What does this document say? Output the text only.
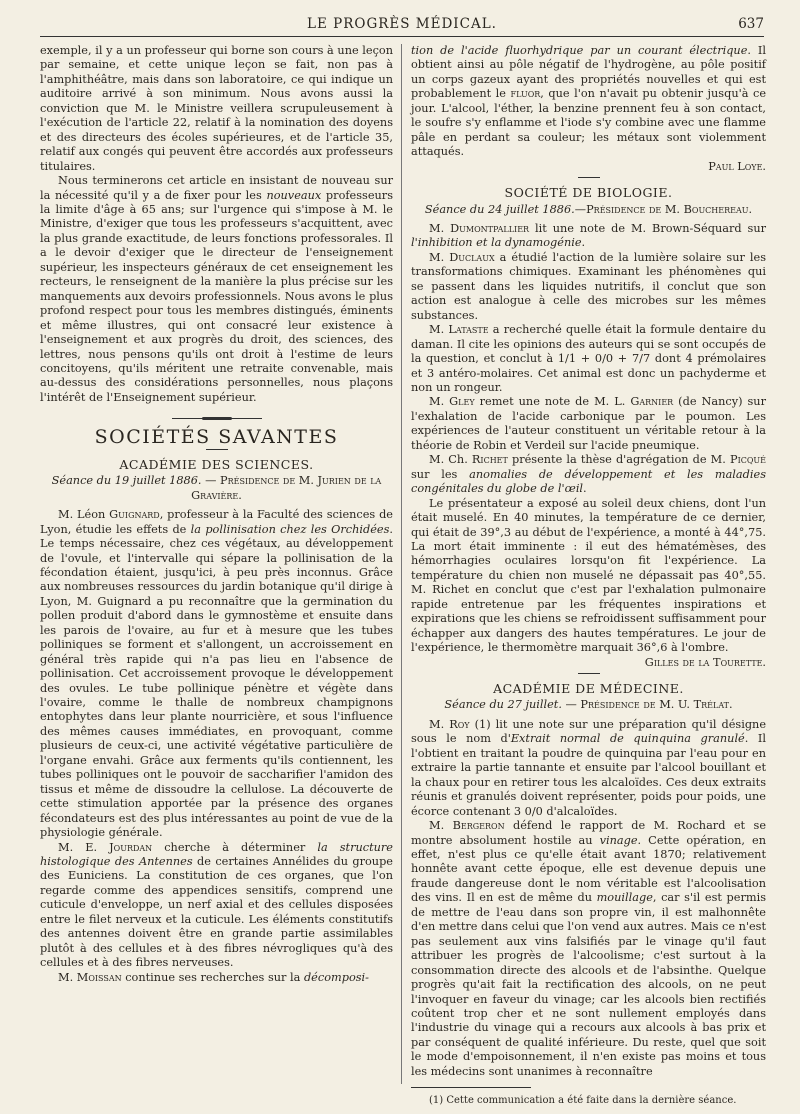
LE PROGRÈS MÉDICAL.	637

exemple, il y a un professeur qui borne son cours à une leçon par semaine, et cette unique leçon se fait, non pas à l'amphithéâtre, mais dans son laboratoire, ce qui indique un auditoire arrivé à son minimum. Nous avons aussi la conviction que M. le Ministre veillera scrupuleusement à l'exécution de l'article 22, relatif à la nomination des doyens et des directeurs des écoles supérieures, et de l'article 35, relatif aux congés qui peuvent être accordés aux professeurs titulaires.

Nous terminerons cet article en insistant de nouveau sur la nécessité qu'il y a de fixer pour les nouveaux professeurs la limite d'âge à 65 ans; sur l'urgence qui s'impose à M. le Ministre, d'exiger que tous les professeurs s'acquittent, avec la plus grande exactitude, de leurs fonctions professorales. Il a le devoir d'exiger que le directeur de l'enseignement supérieur, les inspecteurs généraux de cet enseignement les recteurs, le renseignent de la manière la plus précise sur les manquements aux devoirs professionnels. Nous avons le plus profond respect pour tous les membres distingués, éminents et même illustres, qui ont consacré leur existence à l'enseignement et aux progrès du droit, des sciences, des lettres, nous pensons qu'ils ont droit à l'estime de leurs concitoyens, qu'ils méritent une retraite convenable, mais au-dessus des considérations personnelles, nous plaçons l'intérêt de l'Enseignement supérieur.

SOCIÉTÉS SAVANTES
ACADÉMIE DES SCIENCES.
Séance du 19 juillet 1886. — Présidence de M. Jurien de la Gravière.

M. Léon Guignard, professeur à la Faculté des sciences de Lyon, étudie les effets de la pollinisation chez les Orchidées. Le temps nécessaire, chez ces végétaux, au développement de l'ovule, et l'intervalle qui sépare la pollinisation de la fécondation étaient, jusqu'ici, à peu près inconnus. Grâce aux nombreuses ressources du jardin botanique qu'il dirige à Lyon, M. Guignard a pu reconnaître que la germination du pollen produit d'abord dans le gymnostème et ensuite dans les parois de l'ovaire, au fur et à mesure que les tubes polliniques se forment et s'allongent, un accroissement en général très rapide qui n'a pas lieu en l'absence de pollinisation. Cet accroissement provoque le développement des ovules. Le tube pollinique pénètre et végète dans l'ovaire, comme le thalle de nombreux champignons entophytes dans leur plante nourricière, et sous l'influence des mêmes causes immédiates, en provoquant, comme plusieurs de ceux-ci, une activité végétative particulière de l'organe envahi. Grâce aux ferments qu'ils contiennent, les tubes polliniques ont le pouvoir de saccharifier l'amidon des tissus et même de dissoudre la cellulose. La découverte de cette stimulation apportée par la présence des organes fécondateurs est des plus intéressantes au point de vue de la physiologie générale.

M. E. Jourdan cherche à déterminer la structure histologique des Antennes de certaines Annélides du groupe des Euniciens. La constitution de ces organes, que l'on regarde comme des appendices sensitifs, comprend une cuticule d'enveloppe, un nerf axial et des cellules disposées entre le filet nerveux et la cuticule. Les éléments constitutifs des antennes doivent être en grande partie assimilables plutôt à des cellules et à des fibres névrogliques qu'à des cellules et à des fibres nerveuses.

M. Moissan continue ses recherches sur la décomposi-

tion de l'acide fluorhydrique par un courant électrique. Il obtient ainsi au pôle négatif de l'hydrogène, au pôle positif un corps gazeux ayant des propriétés nouvelles et qui est probablement le fluor, que l'on n'avait pu obtenir jusqu'à ce jour. L'alcool, l'éther, la benzine prennent feu à son contact, le soufre s'y enflamme et l'iode s'y combine avec une flamme pâle en perdant sa couleur; les métaux sont violemment attaqués.

Paul Loye.
SOCIÉTÉ DE BIOLOGIE.
Séance du 24 juillet 1886.—Présidence de M. Bouchereau.

M. Dumontpallier lit une note de M. Brown-Séquard sur l'inhibition et la dynamogénie.

M. Duclaux a étudié l'action de la lumière solaire sur les transformations chimiques. Examinant les phénomènes qui se passent dans les liquides nutritifs, il conclut que son action est analogue à celle des microbes sur les mêmes substances.

M. Lataste a recherché quelle était la formule dentaire du daman. Il cite les opinions des auteurs qui se sont occupés de la question, et conclut à 1/1 + 0/0 + 7/7 dont 4 prémolaires et 3 antéro-molaires. Cet animal est donc un pachyderme et non un rongeur.

M. Gley remet une note de M. L. Garnier (de Nancy) sur l'exhalation de l'acide carbonique par le poumon. Les expériences de l'auteur constituent un véritable retour à la théorie de Robin et Verdeil sur l'acide pneumique.

M. Ch. Richet présente la thèse d'agrégation de M. Picqué sur les anomalies de développement et les maladies congénitales du globe de l'œil.

Le présentateur a exposé au soleil deux chiens, dont l'un était muselé. En 40 minutes, la température de ce dernier, qui était de 39°,3 au début de l'expérience, a monté à 44°,75. La mort était imminente : il eut des hématémèses, des hémorrhagies oculaires lorsqu'on fit l'expérience. La température du chien non muselé ne dépassait pas 40°,55. M. Richet en conclut que c'est par l'exhalation pulmonaire rapide entretenue par les fréquentes inspirations et expirations que les chiens se refroidissent suffisamment pour échapper aux dangers des hautes températures. Le jour de l'expérience, le thermomètre marquait 36°,6 à l'ombre.

Gilles de la Tourette.
ACADÉMIE DE MÉDECINE.
Séance du 27 juillet. — Présidence de M. U. Trélat.

M. Roy (1) lit une note sur une préparation qu'il désigne sous le nom d'Extrait normal de quinquina granulé. Il l'obtient en traitant la poudre de quinquina par l'eau pour en extraire la partie tannante et ensuite par l'alcool bouillant et la chaux pour en retirer tous les alcaloïdes. Ces deux extraits réunis et granulés doivent représenter, poids pour poids, une écorce contenant 3 0/0 d'alcaloïdes.

M. Bergeron défend le rapport de M. Rochard et se montre absolument hostile au vinage. Cette opération, en effet, n'est plus ce qu'elle était avant 1870; relativement honnête avant cette époque, elle est devenue depuis une fraude dangereuse dont le nom véritable est l'alcoolisation des vins. Il en est de même du mouillage, car s'il est permis de mettre de l'eau dans son propre vin, il est malhonnête d'en mettre dans celui que l'on vend aux autres. Mais ce n'est pas seulement aux vins falsifiés par le vinage qu'il faut attribuer les progrès de l'alcoolisme; c'est surtout à la consommation directe des alcools et de l'absinthe. Quelque progrès qu'ait fait la rectification des alcools, on ne peut l'invoquer en faveur du vinage; car les alcools bien rectifiés coûtent trop cher et ne sont nullement employés dans l'industrie du vinage qui a recours aux alcools à bas prix et par conséquent de qualité inférieure. Du reste, quel que soit le mode d'empoisonnement, il n'en existe pas moins et tous les médecins sont unanimes à reconnaître

(1) Cette communication a été faite dans la dernière séance.
